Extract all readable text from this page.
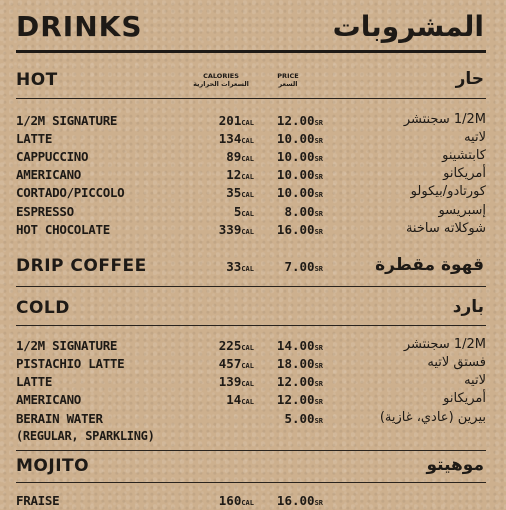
DRINKS	المشروبات
HOT	حار
CALORIES
السعرات الحرارية
PRICE
السعر
1/2M SIGNATURE	201CAL	12.00SR	1/2M سجنتشر
LATTE	134CAL	10.00SR	لاتيه
CAPPUCCINO	89CAL	10.00SR	كابتشينو
AMERICANO	12CAL	10.00SR	أمريكانو
CORTADO/PICCOLO	35CAL	10.00SR	كورتادو/بيكولو
ESPRESSO	5CAL	8.00SR	إسبريسو
HOT CHOCOLATE	339CAL	16.00SR	شوكلاته ساخنة
DRIP COFFEE	33CAL	7.00SR	قهوة مقطرة
COLD	بارد
1/2M SIGNATURE	225CAL	14.00SR	1/2M سجنتشر
PISTACHIO LATTE	457CAL	18.00SR	فستق لاتيه
LATTE	139CAL	12.00SR	لاتيه
AMERICANO	14CAL	12.00SR	أمريكانو
BERAIN WATER	5.00SR	بيرين (عادي، غازية)
(REGULAR, SPARKLING)
MOJITO	موهيتو
FRAISE	160CAL	16.00SR
